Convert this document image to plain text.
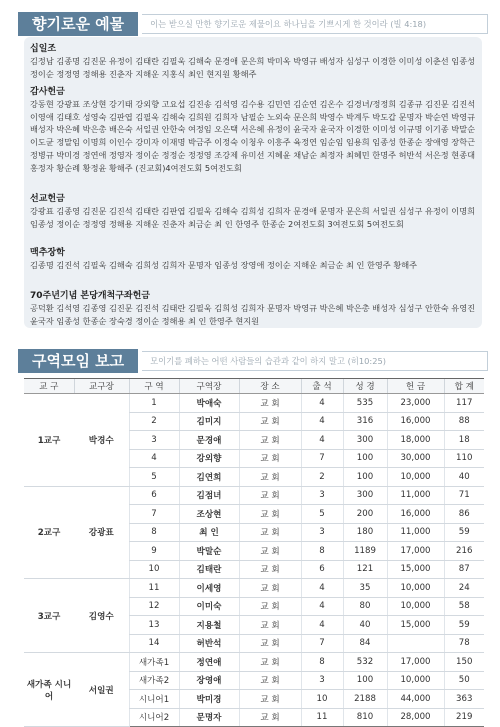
향기로운 예물	이는 받으실 만한 향기로운 제물이요 하나님을 기쁘시게 한 것이라 (빌 4:18)
십일조
김정남 김종명 김진문 유정이 김태란 김필욱 김해숙 문경애 문은희 박미옥 박영규 배성자 심성구 이경한 이미성 이춘선 임종성 정이순 정정영 정해용 진춘자 지해운 지홍식 최인 현지원 황해주
감사헌금
강동현 강광표 조상현 강기태 강외향 고요섭 김진송 김석영 김수용 김민연 김순연 김온수 김경녀/정정희 김종규 김진문 김진석 이영애 김태호 성영숙 김판엽 김필욱 김해숙 김희원 김희자 남필순 노외숙 문은희 박영수 박계두 박도갑 문명자 박순연 박영규 배성자 박은혜 박은총 배은숙 서일권 안한숙 여정임 오은택 서은혜 유정이 윤국자 윤국자 이경한 이미성 이규명 이기종 박말순 이도균 정말임 이명희 이인수 강미자 이재명 박금주 이정숙 이청우 이흥주 육정연 임순임 임용희 임종성 한종순 장애영 장학근 정병규 박미경 정연애 정영자 정이순 정정순 정정영 조강제 유미선 지혜윤 채남순 최정자 최혜민 한명주 허반석 서은정 현종대 홍정자 황순례 황정윤 황해주 (진교회)4여전도회 5여전도회
선교헌금
강광표 김종영 김진문 김진석 김태란 김판엽 김필욱 김해숙 김희성 김희자 문경애 문명자 문은희 서일권 심성구 유정이 이명희 임종성 정이순 정정영 정해용 지해운 진춘자 최금순 최 인 한영주 한종순 2여전도회 3여전도회 5여전도회
맥추장학
김종명 김진석 김필욱 김해숙 김희성 김희자 문명자 임종성 장영애 정이순 지해운 최금순 최 인 한영주 황해주
70주년기념 본당개척구좌헌금
공덕환 김석영 김종영 김진문 김진석 김태란 김필욱 김희성 김희자 문명자 박영규 박은혜 박은총 배성자 심성구 안한숙 유영진 윤국자 임종성 한종순 장숙경 정이순 정해용 최 인 한영주 현지원
구역모임 보고	모이기를 폐하는 어떤 사람들의 습관과 같이 하지 말고 (히10:25)
교 구	교구장	구 역	구역장	장 소	출 석	성 경	헌 금	합 계
1교구	박경수	1	박애숙	교 회	4	535	23,000	117
		2	김미지	교 회	4	316	16,000	88
		3	문경애	교 회	4	300	18,000	18
		4	강외향	교 회	7	100	30,000	110
		5	김연희	교 회	2	100	10,000	40
2교구	강광표	6	김점녀	교 회	3	300	11,000	71
		7	조상현	교 회	5	200	16,000	86
		8	최 인	교 회	3	180	11,000	59
		9	박말순	교 회	8	1189	17,000	216
		10	김태란	교 회	6	121	15,000	87
3교구	김영수	11	이세영	교 회	4	35	10,000	24
		12	이미숙	교 회	4	80	10,000	58
		13	지용철	교 회	4	40	15,000	59
		14	허반석	교 회	7	84		78
새가족 시니어	서일권	새가족1	정연애	교 회	8	532	17,000	150
		새가족2	장영애	교 회	3	100	10,000	50
		시니어1	박미경	교 회	10	2188	44,000	363
		시니어2	문명자	교 회	11	810	28,000	219
